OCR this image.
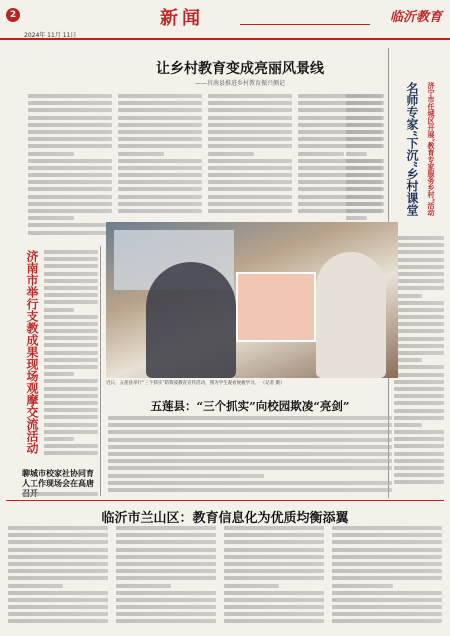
2
2024年 11月 11日
新闻	临沂教育
让乡村教育变成亮丽风景线
——莒南县推进乡村教育振兴侧记
济南市举行支教成果现场观摩交流活动
名师专家“下沉”乡村课堂 济宁市任城区开展“教育专家服务乡村”活动
近日，五莲县举行“三个抓实”防欺凌教育宣传活动，图为学生观看展板学习。 （记者 摄）
五莲县：“三个抓实”向校园欺凌“亮剑”
聊城市校家社协同育人工作现场会在高唐
临沂市兰山区：教育信息化为优质均衡添翼
